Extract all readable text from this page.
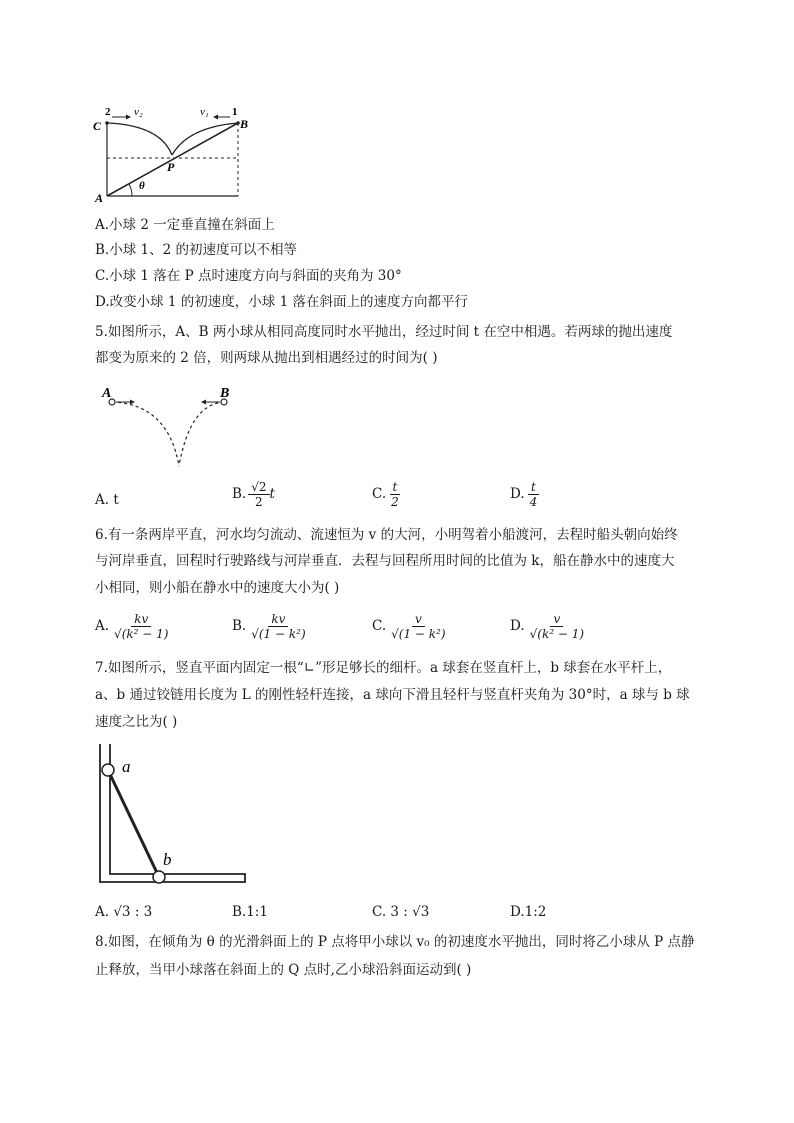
C	B
A
P
θ
2	1
v₂	v₁
A.小球 2 一定垂直撞在斜面上
B.小球 1、2 的初速度可以不相等
C.小球 1 落在 P 点时速度方向与斜面的夹角为 30°
D.改变小球 1 的初速度，小球 1 落在斜面上的速度方向都平行
5.如图所示，A、B 两小球从相同高度同时水平抛出，经过时间 t 在空中相遇。若两球的抛出速度
都变为原来的 2 倍，则两球从抛出到相遇经过的时间为( )
A	B
A. t	B. $\frac{√2}{2}$ t	C. $\frac{t}{2}$	D. $\frac{t}{4}$
6.有一条两岸平直，河水均匀流动、流速恒为 v 的大河，小明驾着小船渡河，去程时船头朝向始终
与河岸垂直，回程时行驶路线与河岸垂直．去程与回程所用时间的比值为 k，船在静水中的速度大
小相同，则小船在静水中的速度大小为( )
A. $\frac{kv}{\text{√(k² − 1)}}$	B. $\frac{kv}{\text{√(1 − k²)}}$	C. $\frac{v}{\text{√(1 − k²)}}$	D. $\frac{v}{\text{√(k² − 1)}}$
7.如图所示，竖直平面内固定一根“∟”形足够长的细杆。a 球套在竖直杆上，b 球套在水平杆上，
a、b 通过铰链用长度为 L 的刚性轻杆连接，a 球向下滑且轻杆与竖直杆夹角为 30°时，a 球与 b 球
速度之比为( )
a
b
A. √3 : 3	B.1:1	C. 3 : √3	D.1:2
8.如图，在倾角为 θ 的光滑斜面上的 P 点将甲小球以 v₀ 的初速度水平抛出，同时将乙小球从 P 点静
止释放，当甲小球落在斜面上的 Q 点时,乙小球沿斜面运动到( )
